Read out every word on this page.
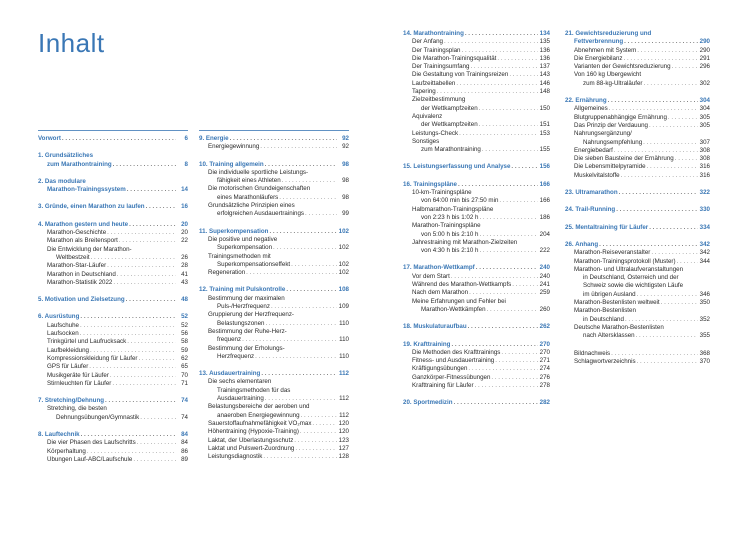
Inhalt
Vorwort . . .	6
1. Grundsätzliches
zum Marathontraining . . .	8
2. Das modulare
Marathon-Trainingssystem . . .	14
3. Gründe, einen Marathon zu laufen . . .	16
4. Marathon gestern und heute . . .	20
Marathon-Geschichte . . .	20
Marathon als Breitensport . . .	22
Die Entwicklung der Marathon-
Weltbestzeit . . .	26
Marathon-Star-Läufer . . .	28
Marathon in Deutschland . . .	41
Marathon-Statistik 2022 . . .	43
5. Motivation und Zielsetzung . . .	48
6. Ausrüstung . . .	52
Laufschuhe . . .	52
Laufsocken . . .	56
Trinkgürtel und Laufrucksack . . .	58
Laufbekleidung . . .	59
Kompressionskleidung für Läufer . . .	62
GPS für Läufer . . .	65
Musikgeräte für Läufer . . .	70
Stirnleuchten für Läufer . . .	71
7. Stretching/Dehnung . . .	74
Stretching, die besten
Dehnungsübungen/Gymnastik . . .	74
8. Lauftechnik . . .	84
Die vier Phasen des Laufschritts . . .	84
Körperhaltung . . .	86
Übungen Lauf-ABC/Laufschule . . .	89
9. Energie . . .	92
Energiegewinnung . . .	92
10. Training allgemein . . .	98
Die individuelle sportliche Leistungs-
fähigkeit eines Athleten . . .	98
Die motorischen Grundeigenschaften
eines Marathonläufers . . .	98
Grundsätzliche Prinzipien eines
erfolgreichen Ausdauertrainings . . .	99
11. Superkompensation . . .	102
Die positive und negative
Superkompensation . . .	102
Trainingsmethoden mit
Superkompensationseffekt . . .	102
Regeneration . . .	102
12. Training mit Pulskontrolle . . .	108
Bestimmung der maximalen
Puls-/Herzfrequenz . . .	109
Gruppierung der Herzfrequenz-
Belastungszonen . . .	110
Bestimmung der Ruhe-Herz-
frequenz . . .	110
Bestimmung der Erholungs-
Herzfrequenz . . .	110
13. Ausdauertraining . . .	112
Die sechs elementaren
Trainingsmethoden für das
Ausdauertraining . . .	112
Belastungsbereiche der aeroben und
anaeroben Energiegewinnung . . .	112
Sauerstoffaufnahmefähigkeit VO₂max . . .	120
Höhentraining (Hypoxie-Training) . . .	120
Laktat, der Überlastungsschutz . . .	123
Laktat und Pulswert-Zuordnung . . .	127
Leistungsdiagnostik . . .	128
14. Marathontraining . . .	134
Der Anfang . . .	135
Der Trainingsplan . . .	136
Die Marathon-Trainingsqualität . . .	136
Der Trainingsumfang . . .	137
Die Gestaltung von Trainingsreizen . . .	143
Laufzeittabellen . . .	146
Tapering . . .	148
Zielzeitbestimmung
der Wettkampfzeiten . . .	150
Äquivalenz
der Wettkampfzeiten . . .	151
Leistungs-Check . . .	153
Sonstiges
zum Marathontraining . . .	155
15. Leistungserfassung und Analyse . . .	156
16. Trainingspläne . . .	166
10-km-Trainingspläne
von 64:00 min bis 27:50 min . . .	166
Halbmarathon-Trainingspläne
von 2:23 h bis 1:02 h . . .	186
Marathon-Trainingspläne
von 5:00 h bis 2:10 h . . .	204
Jahrestraining mit Marathon-Zielzeiten
von 4:30 h bis 2:10 h . . .	222
17. Marathon-Wettkampf . . .	240
Vor dem Start . . .	240
Während des Marathon-Wettkampfs . . .	241
Nach dem Marathon . . .	259
Meine Erfahrungen und Fehler bei
Marathon-Wettkämpfen . . .	260
18. Muskulaturaufbau . . .	262
19. Krafttraining . . .	270
Die Methoden des Krafttrainings . . .	270
Fitness- und Ausdauertraining . . .	271
Kräftigungsübungen . . .	274
Ganzkörper-Fitnessübungen . . .	276
Krafttraining für Läufer . . .	278
20. Sportmedizin . . .	282
21. Gewichtsreduzierung und
Fettverbrennung . . .	290
Abnehmen mit System . . .	290
Die Energiebilanz . . .	291
Varianten der Gewichtsreduzierung . . .	296
Von 160 kg Übergewicht
zum 88-kg-Ultraläufer . . .	302
22. Ernährung . . .	304
Allgemeines . . .	304
Blutgruppenabhängige Ernährung . . .	305
Das Prinzip der Verdauung . . .	305
Nahrungsergänzung/
Nahrungsempfehlung . . .	307
Energiebedarf . . .	308
Die sieben Bausteine der Ernährung . . .	308
Die Lebensmittelpyramide . . .	316
Muskelvitalstoffe . . .	316
23. Ultramarathon . . .	322
24. Trail-Running . . .	330
25. Mentaltraining für Läufer . . .	334
26. Anhang . . .	342
Marathon-Reiseveranstalter . . .	342
Marathon-Trainingsprotokoll (Muster) . . .	344
Marathon- und Ultralaufveranstaltungen
in Deutschland, Österreich und der
Schweiz sowie die wichtigsten Läufe
im übrigen Ausland . . .	346
Marathon-Bestenlisten weltweit . . .	350
Marathon-Bestenlisten
in Deutschland . . .	352
Deutsche Marathon-Bestenlisten
nach Altersklassen . . .	355
Bildnachweis . . .	368
Schlagwortverzeichnis . . .	370
